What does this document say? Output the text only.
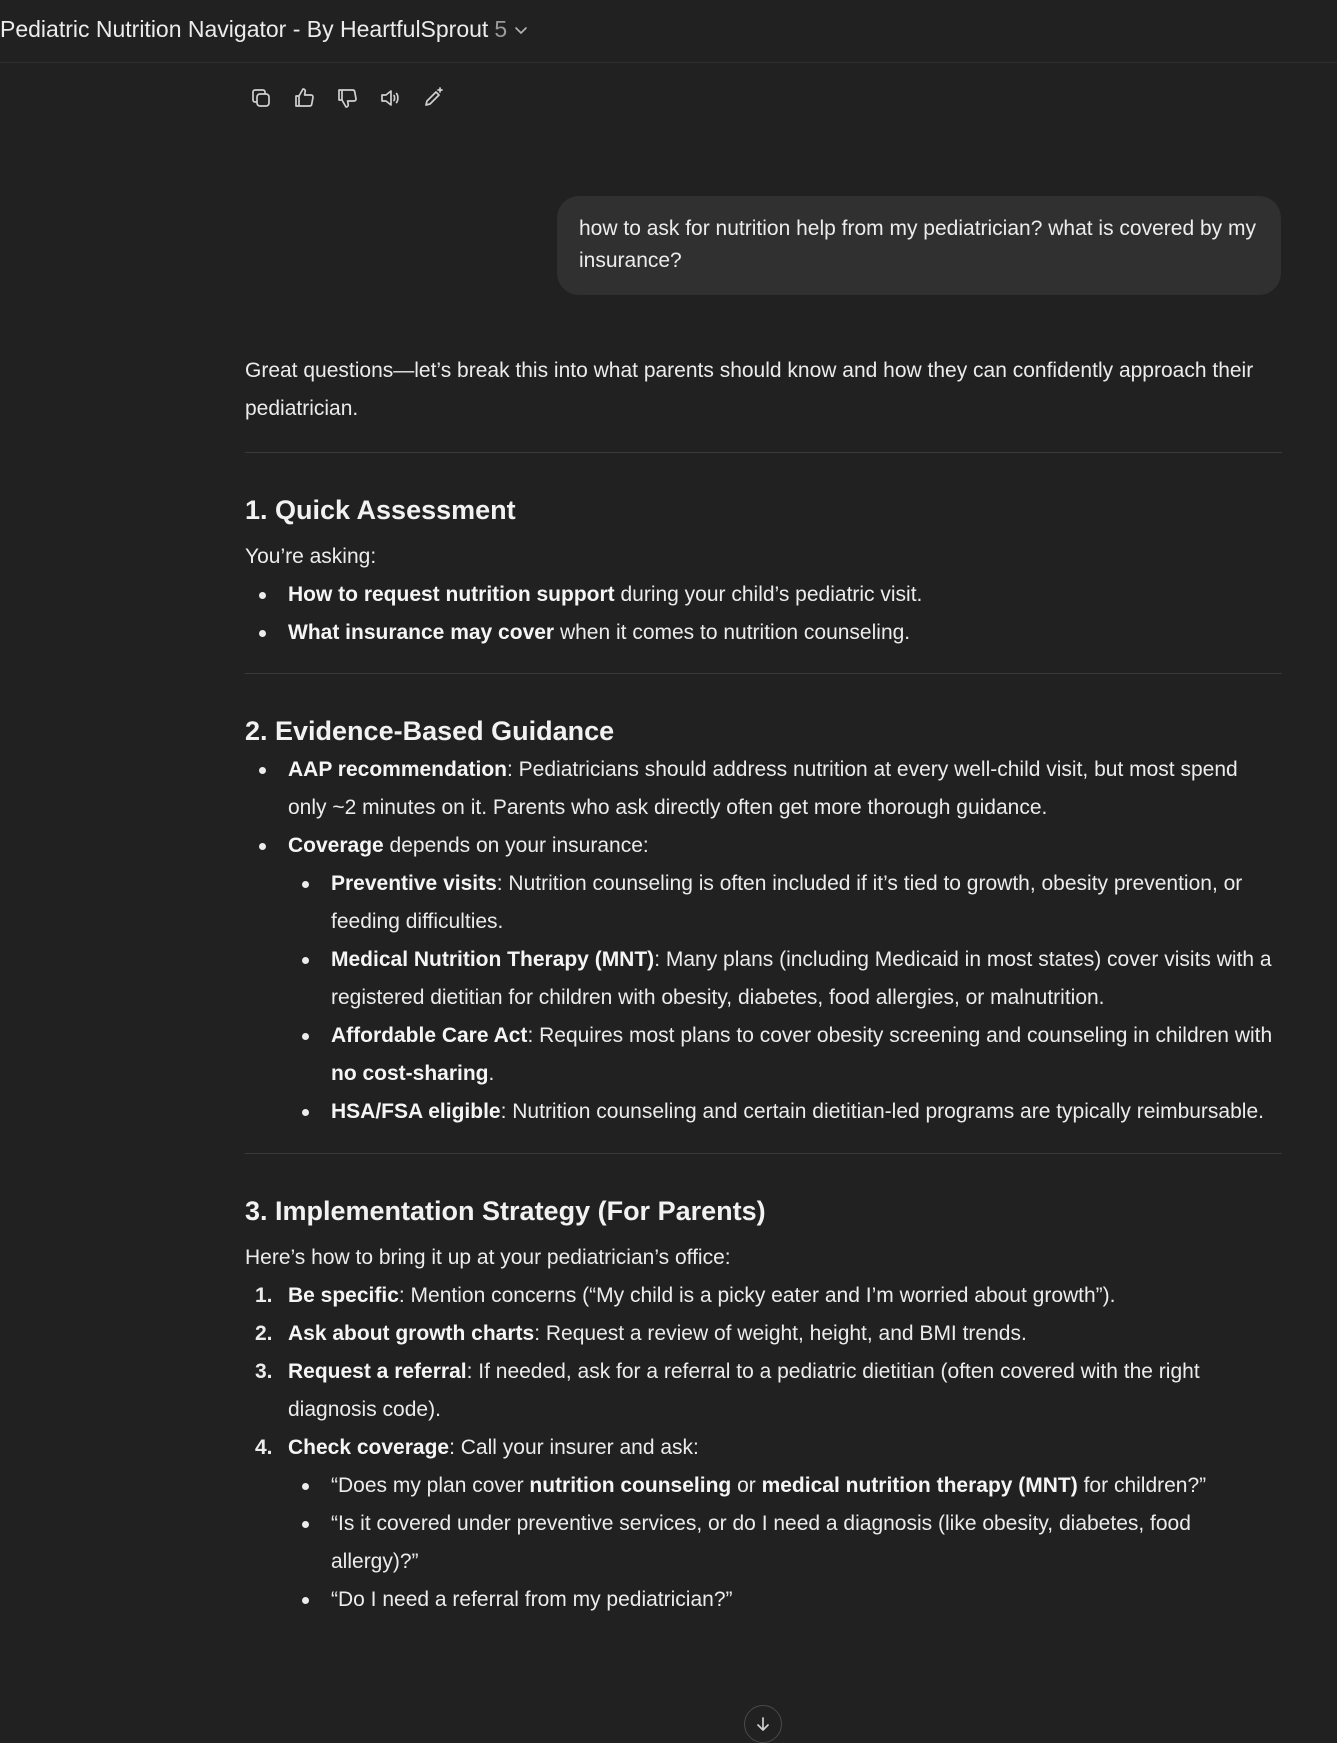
Pediatric Nutrition Navigator - By HeartfulSprout 5
how to ask for nutrition help from my pediatrician? what is covered by my insurance?

Great questions—let’s break this into what parents should know and how they can confidently approach their pediatrician.

1. Quick Assessment

You’re asking:

How to request nutrition support during your child’s pediatric visit.
What insurance may cover when it comes to nutrition counseling.
2. Evidence-Based Guidance
AAP recommendation: Pediatricians should address nutrition at every well-child visit, but most spend only ~2 minutes on it. Parents who ask directly often get more thorough guidance.
Coverage depends on your insurance:
Preventive visits: Nutrition counseling is often included if it’s tied to growth, obesity prevention, or feeding difficulties.
Medical Nutrition Therapy (MNT): Many plans (including Medicaid in most states) cover visits with a registered dietitian for children with obesity, diabetes, food allergies, or malnutrition.
Affordable Care Act: Requires most plans to cover obesity screening and counseling in children with no cost-sharing.
HSA/FSA eligible: Nutrition counseling and certain dietitian-led programs are typically reimbursable.
3. Implementation Strategy (For Parents)

Here’s how to bring it up at your pediatrician’s office:

1. Be specific: Mention concerns (“My child is a picky eater and I’m worried about growth”).
2. Ask about growth charts: Request a review of weight, height, and BMI trends.
3. Request a referral: If needed, ask for a referral to a pediatric dietitian (often covered with the right diagnosis code).
4. Check coverage: Call your insurer and ask:
“Does my plan cover nutrition counseling or medical nutrition therapy (MNT) for children?”
“Is it covered under preventive services, or do I need a diagnosis (like obesity, diabetes, food allergy)?”
“Do I need a referral from my pediatrician?”
